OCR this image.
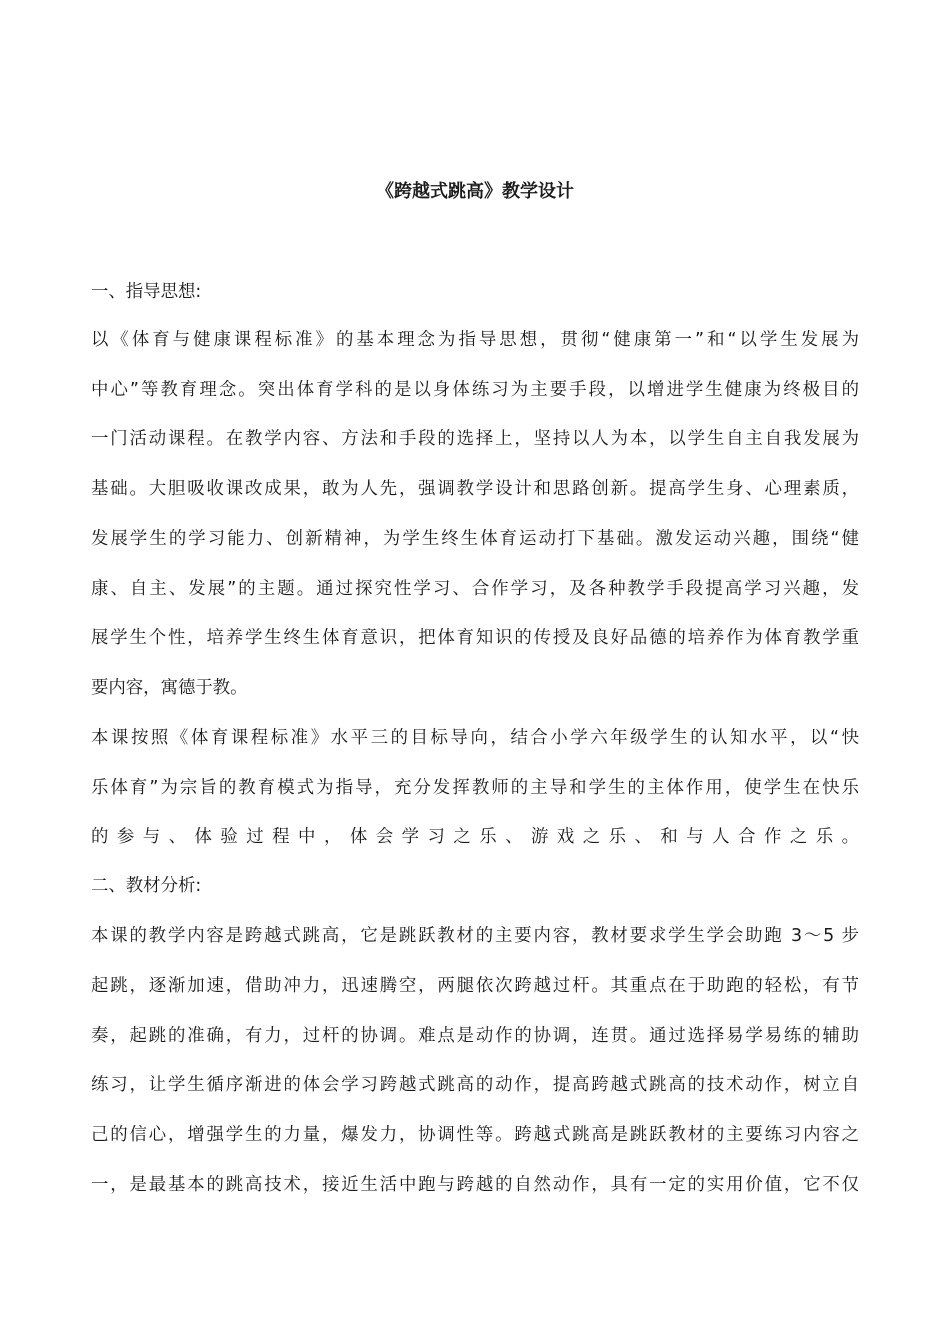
《跨越式跳高》教学设计
一、指导思想:
以《体育与健康课程标准》的基本理念为指导思想，贯彻“健康第一”和“以学生发展为
中心”等教育理念。突出体育学科的是以身体练习为主要手段，以增进学生健康为终极目的
一门活动课程。在教学内容、方法和手段的选择上，坚持以人为本，以学生自主自我发展为
基础。大胆吸收课改成果，敢为人先，强调教学设计和思路创新。提高学生身、心理素质，
发展学生的学习能力、创新精神，为学生终生体育运动打下基础。激发运动兴趣，围绕“健
康、自主、发展”的主题。通过探究性学习、合作学习，及各种教学手段提高学习兴趣，发
展学生个性，培养学生终生体育意识，把体育知识的传授及良好品德的培养作为体育教学重
要内容，寓德于教。
本课按照《体育课程标准》水平三的目标导向，结合小学六年级学生的认知水平，以“快
乐体育”为宗旨的教育模式为指导，充分发挥教师的主导和学生的主体作用，使学生在快乐
的参与、体验过程中，体会学习之乐、游戏之乐、和与人合作之乐。
二、教材分析:
本课的教学内容是跨越式跳高，它是跳跃教材的主要内容，教材要求学生学会助跑 3～5 步
起跳，逐渐加速，借助冲力，迅速腾空，两腿依次跨越过杆。其重点在于助跑的轻松，有节
奏，起跳的准确，有力，过杆的协调。难点是动作的协调，连贯。通过选择易学易练的辅助
练习，让学生循序渐进的体会学习跨越式跳高的动作，提高跨越式跳高的技术动作，树立自
己的信心，增强学生的力量，爆发力，协调性等。跨越式跳高是跳跃教材的主要练习内容之
一，是最基本的跳高技术，接近生活中跑与跨越的自然动作，具有一定的实用价值，它不仅
